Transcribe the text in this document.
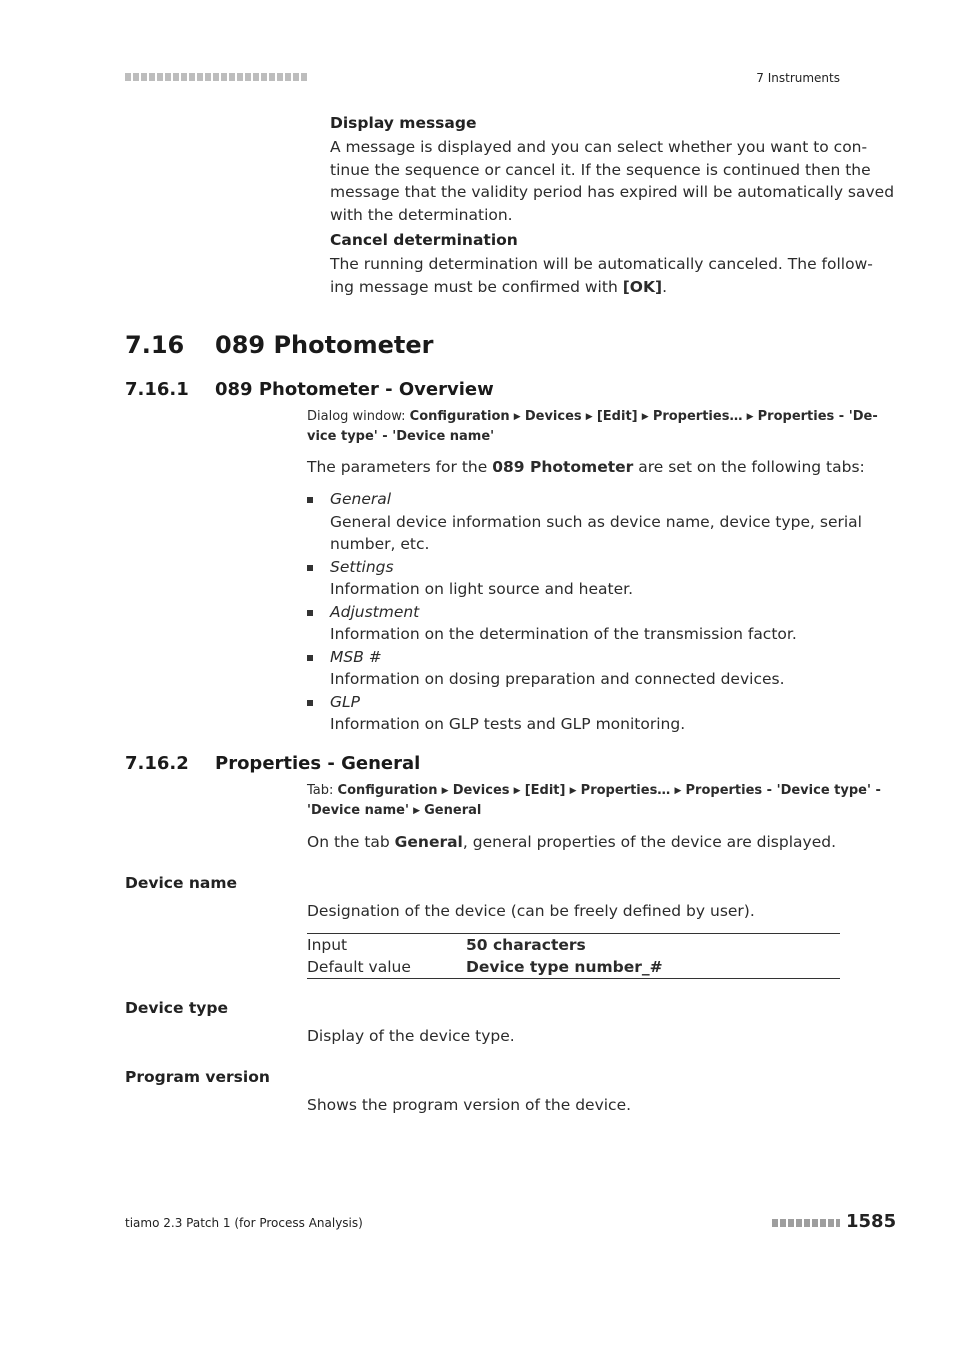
7 Instruments
Display message
A message is displayed and you can select whether you want to con-
tinue the sequence or cancel it. If the sequence is continued then the
message that the validity period has expired will be automatically saved
with the determination.
Cancel determination
The running determination will be automatically canceled. The follow-
ing message must be confirmed with [OK].
7.16 089 Photometer
7.16.1 089 Photometer - Overview
Dialog window: Configuration ▶ Devices ▶ [Edit] ▶ Properties… ▶ Properties - 'De-
vice type' - 'Device name'
The parameters for the 089 Photometer are set on the following tabs:
General
General device information such as device name, device type, serial
number, etc.
Settings
Information on light source and heater.
Adjustment
Information on the determination of the transmission factor.
MSB #
Information on dosing preparation and connected devices.
GLP
Information on GLP tests and GLP monitoring.
7.16.2 Properties - General
Tab: Configuration ▶ Devices ▶ [Edit] ▶ Properties… ▶ Properties - 'Device type' -
'Device name' ▶ General
On the tab General, general properties of the device are displayed.
Device name
Designation of the device (can be freely defined by user).
Input	50 characters
Default value	Device type number_#
Device type
Display of the device type.
Program version
Shows the program version of the device.
tiamo 2.3 Patch 1 (for Process Analysis)	1585
